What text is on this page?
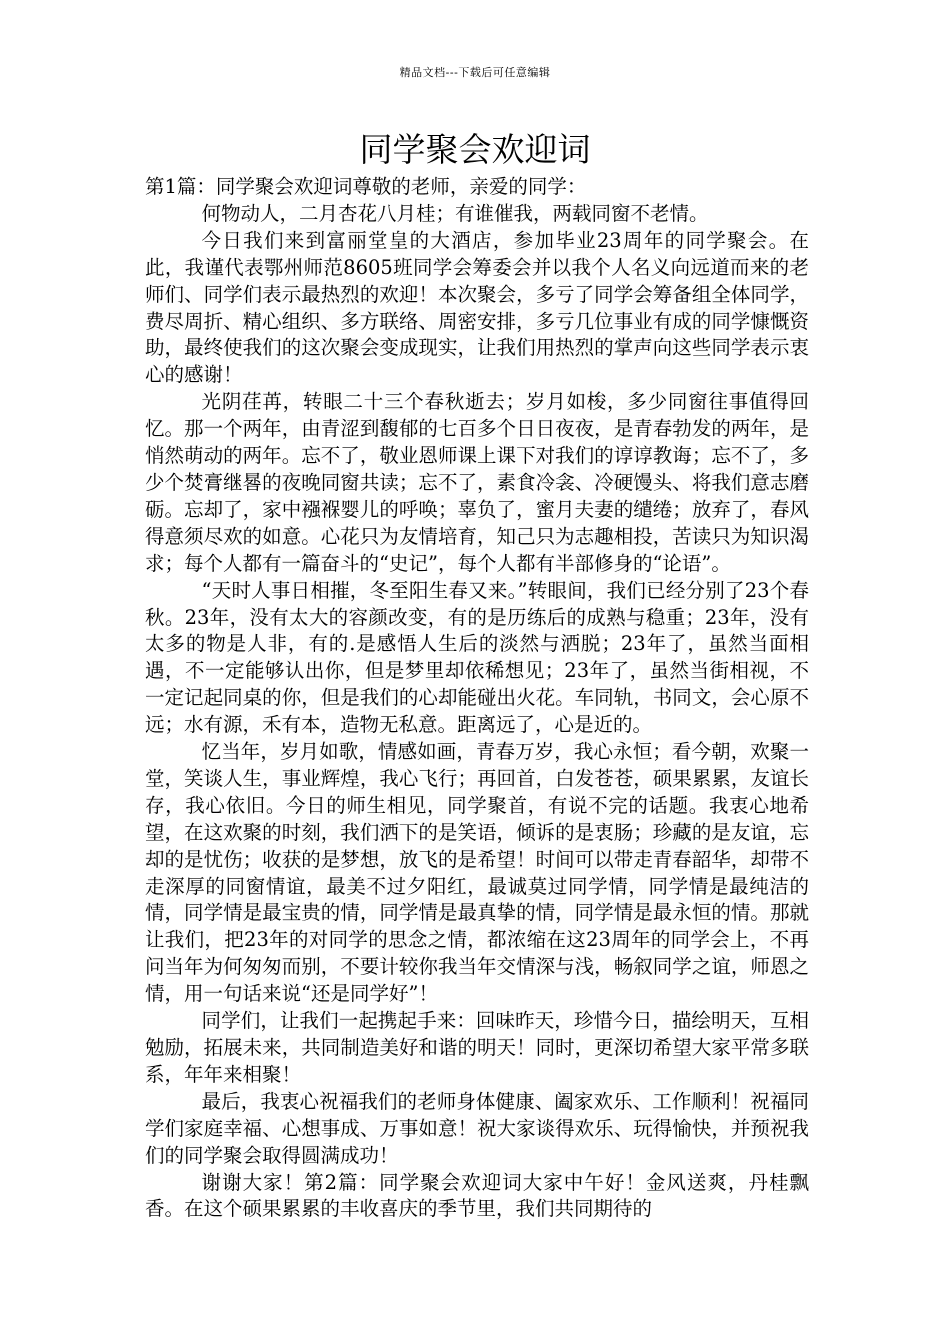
精品文档---下载后可任意编辑
同学聚会欢迎词

第1篇：同学聚会欢迎词尊敬的老师，亲爱的同学：

何物动人，二月杏花八月桂；有谁催我，两载同窗不老情。

今日我们来到富丽堂皇的大酒店，参加毕业23周年的同学聚会。在此，我谨代表鄂州师范8605班同学会筹委会并以我个人名义向远道而来的老师们、同学们表示最热烈的欢迎！本次聚会，多亏了同学会筹备组全体同学，费尽周折、精心组织、多方联络、周密安排，多亏几位事业有成的同学慷慨资助，最终使我们的这次聚会变成现实，让我们用热烈的掌声向这些同学表示衷心的感谢！

光阴荏苒，转眼二十三个春秋逝去；岁月如梭，多少同窗往事值得回忆。那一个两年，由青涩到馥郁的七百多个日日夜夜，是青春勃发的两年，是悄然萌动的两年。忘不了，敬业恩师课上课下对我们的谆谆教诲；忘不了，多少个焚膏继晷的夜晚同窗共读；忘不了，素食冷衾、冷硬馒头、将我们意志磨砺。忘却了，家中襁褓婴儿的呼唤；辜负了，蜜月夫妻的缱绻；放弃了，春风得意须尽欢的如意。心花只为友情培育，知己只为志趣相投，苦读只为知识渴求；每个人都有一篇奋斗的“史记”，每个人都有半部修身的“论语”。

“天时人事日相摧，冬至阳生春又来。”转眼间，我们已经分别了23个春秋。23年，没有太大的容颜改变，有的是历练后的成熟与稳重；23年，没有太多的物是人非，有的.是感悟人生后的淡然与洒脱；23年了，虽然当面相遇，不一定能够认出你，但是梦里却依稀想见；23年了，虽然当街相视，不一定记起同桌的你，但是我们的心却能碰出火花。车同轨，书同文，会心原不远；水有源，禾有本，造物无私意。距离远了，心是近的。

忆当年，岁月如歌，情感如画，青春万岁，我心永恒；看今朝，欢聚一堂，笑谈人生，事业辉煌，我心飞行；再回首，白发苍苍，硕果累累，友谊长存，我心依旧。今日的师生相见，同学聚首，有说不完的话题。我衷心地希望，在这欢聚的时刻，我们洒下的是笑语，倾诉的是衷肠；珍藏的是友谊，忘却的是忧伤；收获的是梦想，放飞的是希望！时间可以带走青春韶华，却带不走深厚的同窗情谊，最美不过夕阳红，最诚莫过同学情，同学情是最纯洁的情，同学情是最宝贵的情，同学情是最真挚的情，同学情是最永恒的情。那就让我们，把23年的对同学的思念之情，都浓缩在这23周年的同学会上，不再问当年为何匆匆而别，不要计较你我当年交情深与浅，畅叙同学之谊，师恩之情，用一句话来说“还是同学好”！

同学们，让我们一起携起手来：回味昨天，珍惜今日，描绘明天，互相勉励，拓展未来，共同制造美好和谐的明天！同时，更深切希望大家平常多联系，年年来相聚！

最后，我衷心祝福我们的老师身体健康、阖家欢乐、工作顺利！祝福同学们家庭幸福、心想事成、万事如意！祝大家谈得欢乐、玩得愉快，并预祝我们的同学聚会取得圆满成功！

谢谢大家！第2篇：同学聚会欢迎词大家中午好！金风送爽，丹桂飘香。在这个硕果累累的丰收喜庆的季节里，我们共同期待的
